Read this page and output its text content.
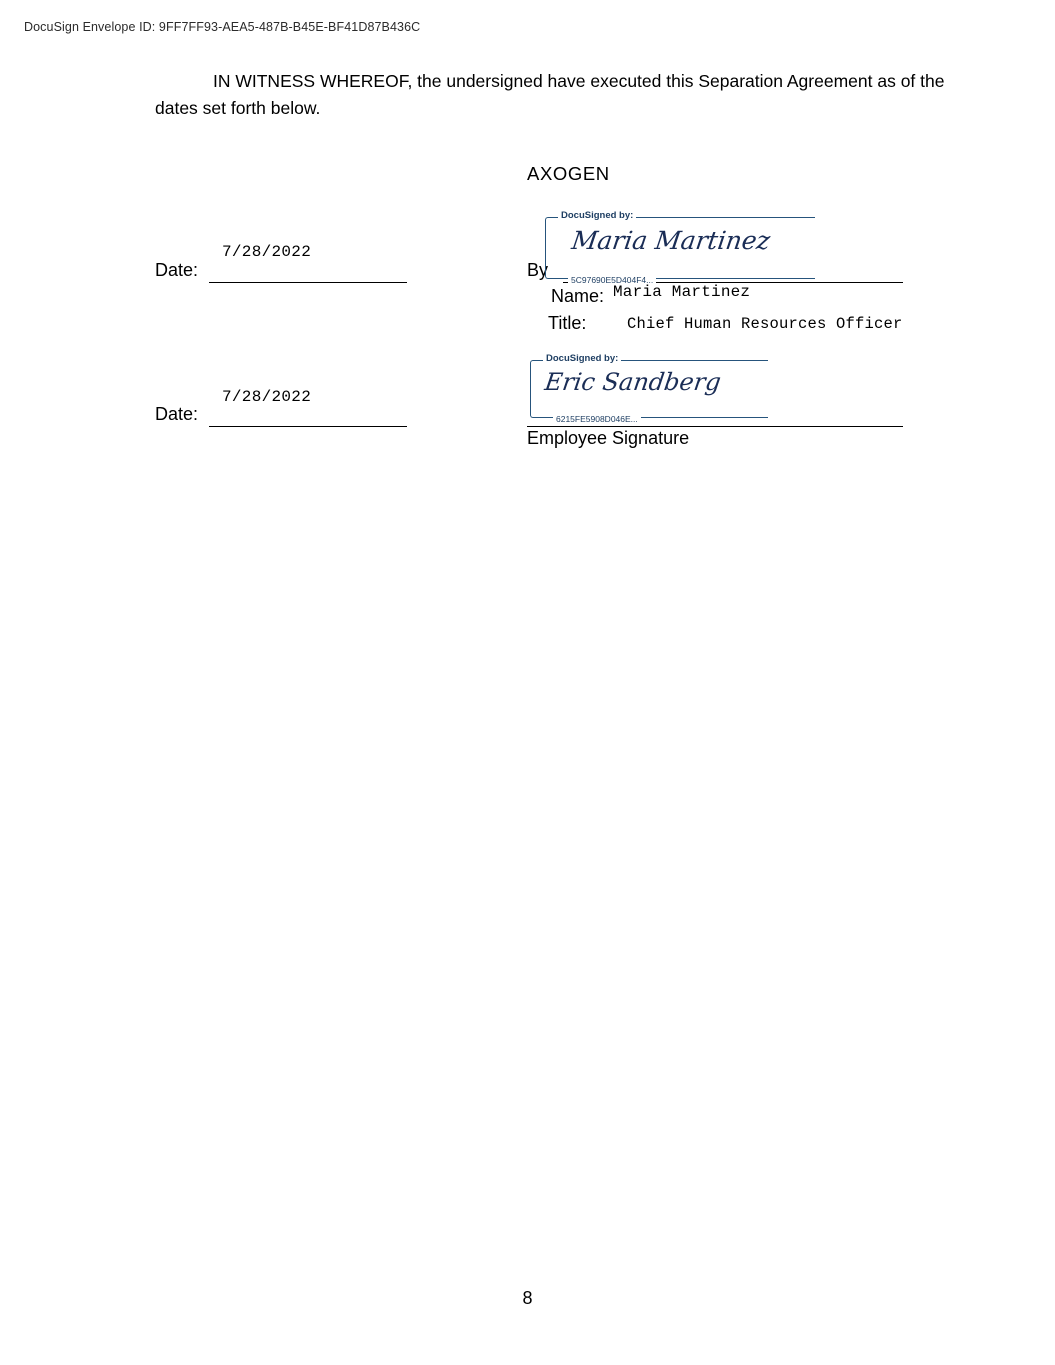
DocuSign Envelope ID: 9FF7FF93-AEA5-487B-B45E-BF41D87B436C
IN WITNESS WHEREOF, the undersigned have executed this Separation Agreement as of the dates set forth below.
AXOGEN
Date:
7/28/2022
By
DocuSigned by:
Maria Martinez
5C97690E5D404F4...
Name: Maria Martinez
Title:	Chief Human Resources Officer
Date:
7/28/2022
DocuSigned by:
Eric Sandberg
6215FE5908D046E...
Employee Signature
8
